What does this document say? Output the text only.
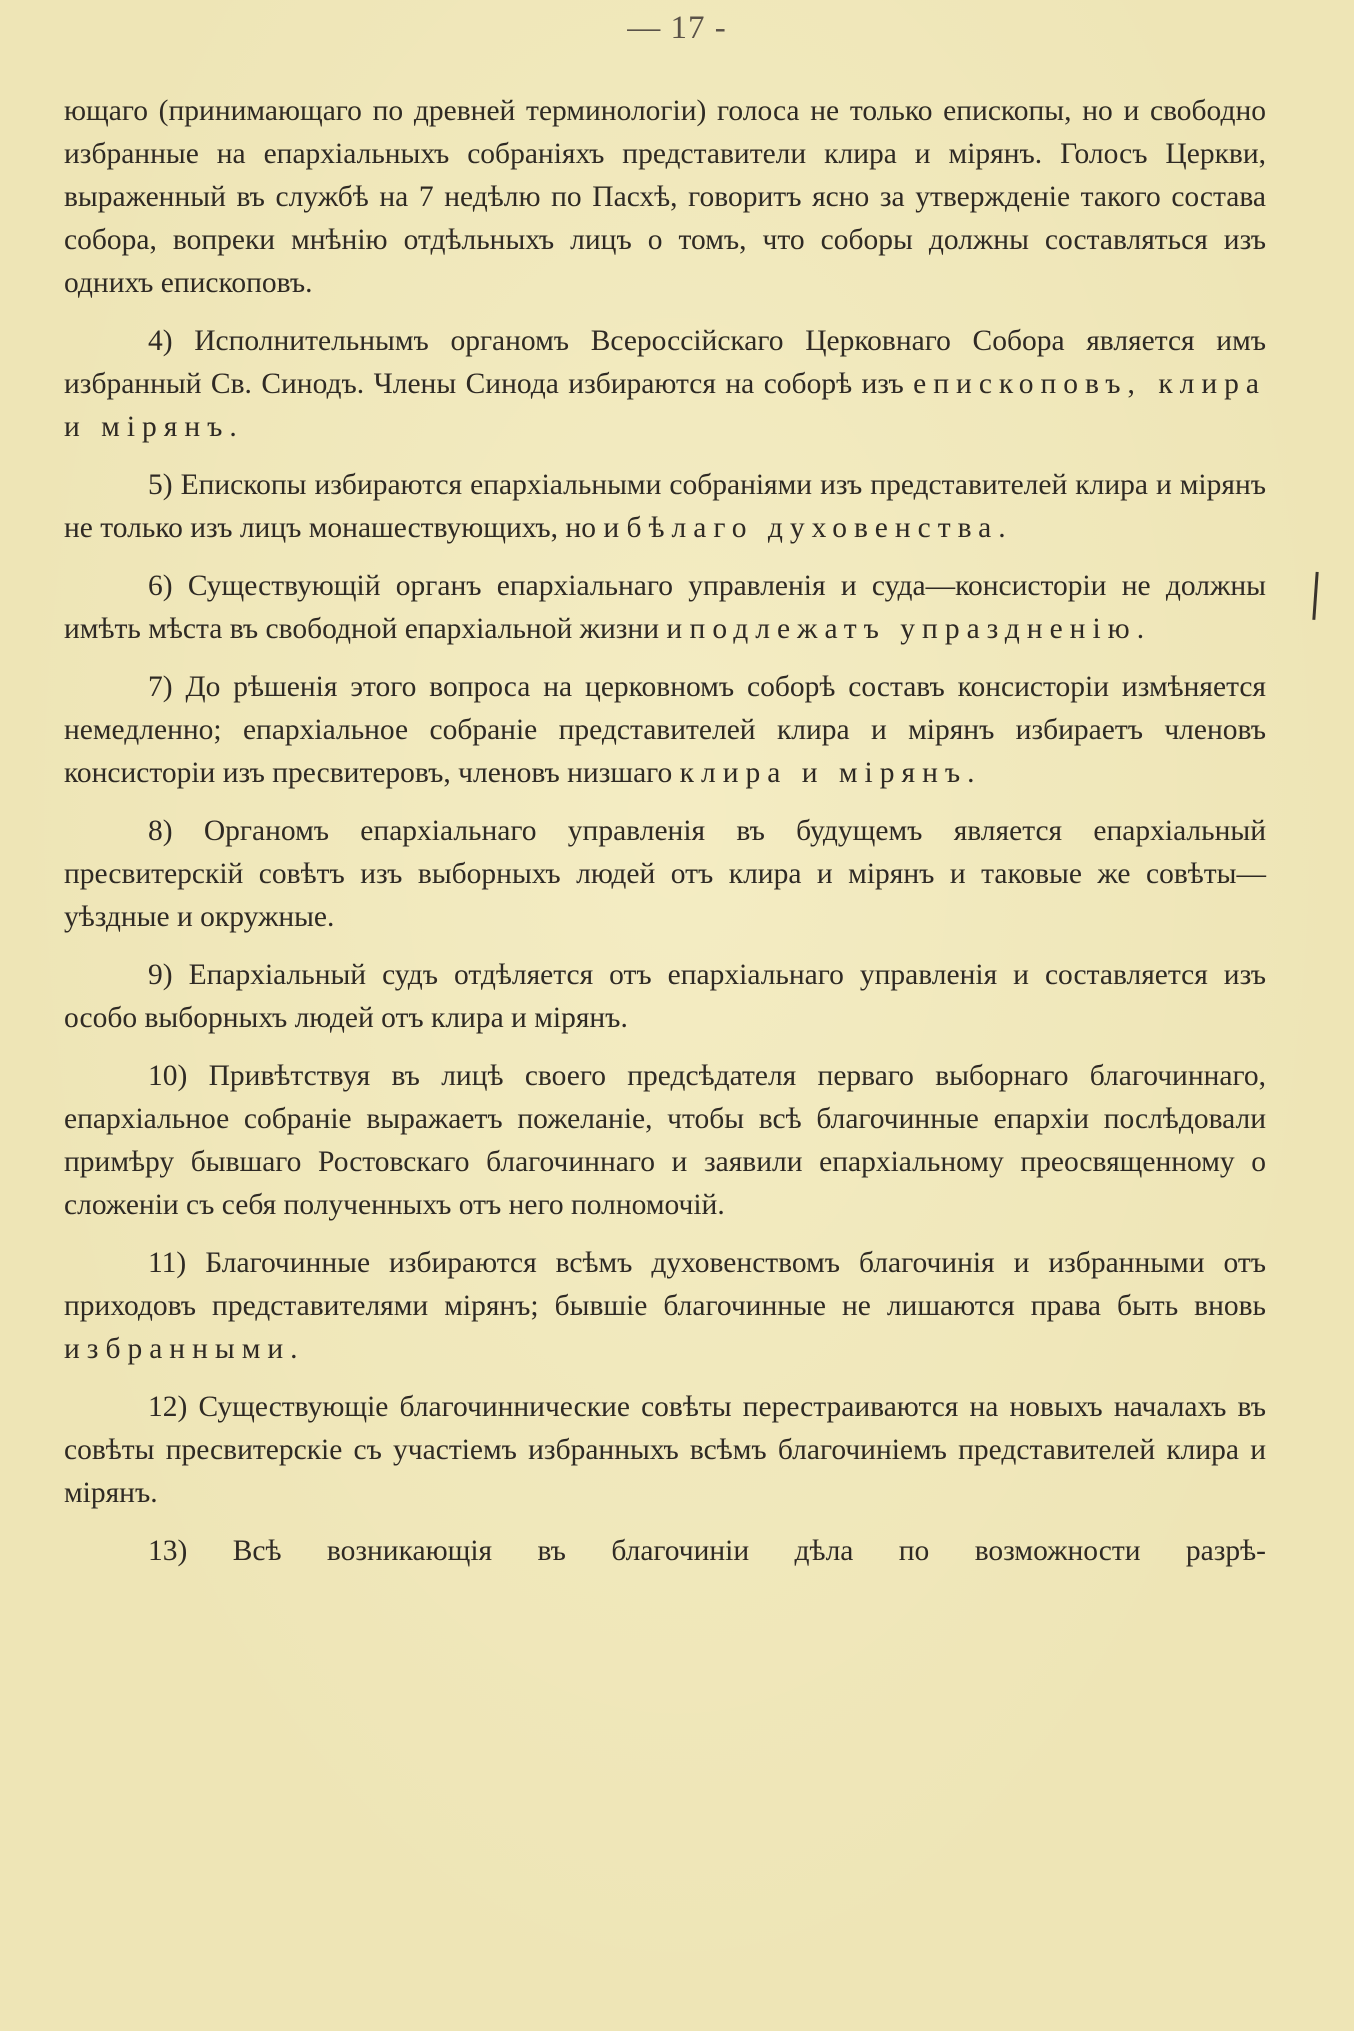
— 17 -

ющаго (принимающаго по древней терминологіи) голоса не только епископы, но и свободно избранные на епархіальныхъ собраніяхъ представители клира и мірянъ. Голосъ Церкви, выраженный въ службѣ на 7 недѣлю по Пасхѣ, говоритъ ясно за утвержденіе такого состава собора, вопреки мнѣнію отдѣльныхъ лицъ о томъ, что соборы должны составляться изъ однихъ епископовъ.

4) Исполнительнымъ органомъ Всероссійскаго Церковнаго Собора является имъ избранный Св. Синодъ. Члены Синода избираются на соборѣ изъ епископовъ, клира и мірянъ.

5) Епископы избираются епархіальными собраніями изъ представителей клира и мірянъ не только изъ лицъ монашествующихъ, но и бѣлаго духовенства.

6) Существующій органъ епархіальнаго управленія и суда—консисторіи не должны имѣть мѣста въ свободной епархіальной жизни и подлежатъ упраздненію.

7) До рѣшенія этого вопроса на церковномъ соборѣ составъ консисторіи измѣняется немедленно; епархіальное собраніе представителей клира и мірянъ избираетъ членовъ консисторіи изъ пресвитеровъ, членовъ низшаго клира и мірянъ.

8) Органомъ епархіальнаго управленія въ будущемъ является епархіальный пресвитерскій совѣтъ изъ выборныхъ людей отъ клира и мірянъ и таковые же совѣты—уѣздные и окружные.

9) Епархіальный судъ отдѣляется отъ епархіальнаго управленія и составляется изъ особо выборныхъ людей отъ клира и мірянъ.

10) Привѣтствуя въ лицѣ своего предсѣдателя перваго выборнаго благочиннаго, епархіальное собраніе выражаетъ пожеланіе, чтобы всѣ благочинные епархіи послѣдовали примѣру бывшаго Ростовскаго благочиннаго и заявили епархіальному преосвященному о сложеніи съ себя полученныхъ отъ него полномочій.

11) Благочинные избираются всѣмъ духовенствомъ благочинія и избранными отъ приходовъ представителями мірянъ; бывшіе благочинные не лишаются права быть вновь избранными.

12) Существующіе благочиннические совѣты перестраиваются на новыхъ началахъ въ совѣты пресвитерскіе съ участіемъ избранныхъ всѣмъ благочиніемъ представителей клира и мірянъ.

13) Всѣ возникающія въ благочиніи дѣла по возможности разрѣ-
